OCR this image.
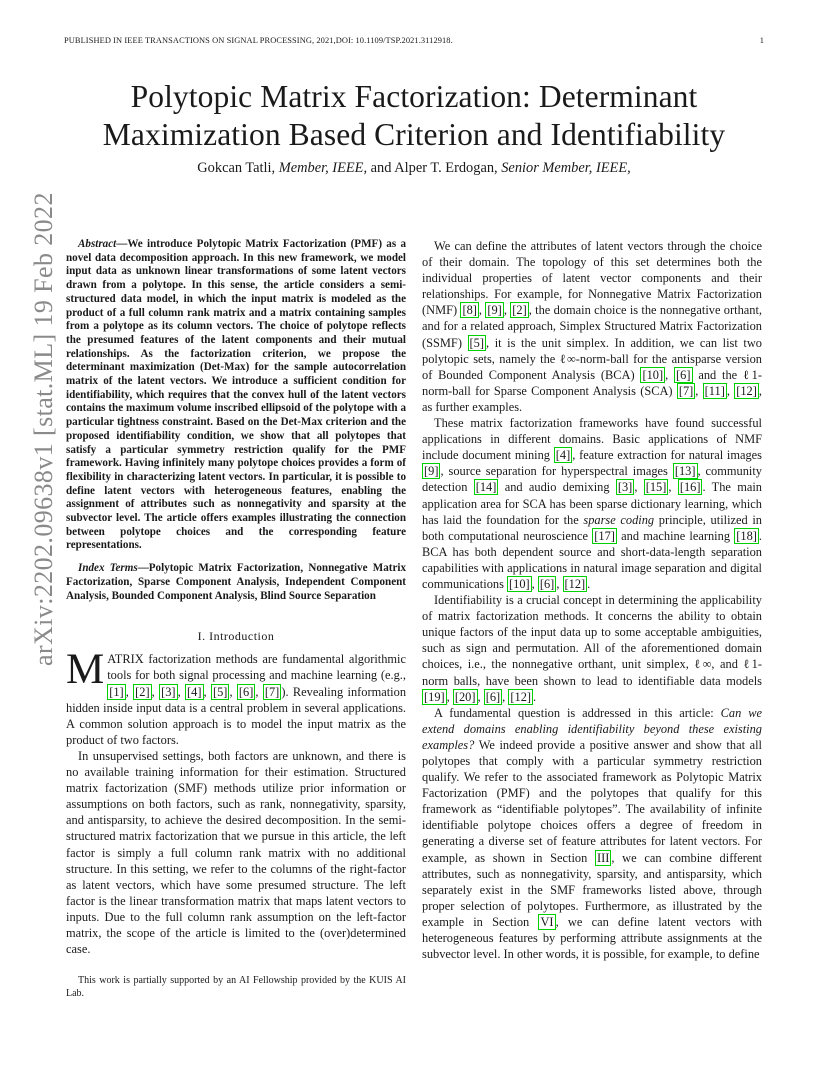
PUBLISHED IN IEEE TRANSACTIONS ON SIGNAL PROCESSING, 2021,DOI: 10.1109/TSP.2021.3112918.	1
Polytopic Matrix Factorization: Determinant
Maximization Based Criterion and Identifiability
Gokcan Tatli, Member, IEEE, and Alper T. Erdogan, Senior Member, IEEE,
arXiv:2202.09638v1 [stat.ML] 19 Feb 2022	Abstract—We introduce Polytopic Matrix Factorization (PMF) as a novel data decomposition approach. In this new framework, we model input data as unknown linear transformations of some latent vectors drawn from a polytope. In this sense, the article considers a semi-structured data model, in which the input matrix is modeled as the product of a full column rank matrix and a matrix containing samples from a polytope as its column vectors. The choice of polytope reflects the presumed features of the latent components and their mutual relationships. As the factorization criterion, we propose the determinant maximization (Det-Max) for the sample autocorrelation matrix of the latent vectors. We introduce a sufficient condition for identifiability, which requires that the convex hull of the latent vectors contains the maximum volume inscribed ellipsoid of the polytope with a particular tightness constraint. Based on the Det-Max criterion and the proposed identifiability condition, we show that all polytopes that satisfy a particular symmetry restriction qualify for the PMF framework. Having infinitely many polytope choices provides a form of flexibility in characterizing latent vectors. In particular, it is possible to define latent vectors with heterogeneous features, enabling the assignment of attributes such as nonnegativity and sparsity at the subvector level. The article offers examples illustrating the connection between polytope choices and the corresponding feature representations.

Index Terms—Polytopic Matrix Factorization, Nonnegative Matrix Factorization, Sparse Component Analysis, Independent Component Analysis, Bounded Component Analysis, Blind Source Separation

I. Introduction

MATRIX factorization methods are fundamental algorithmic tools for both signal processing and machine learning (e.g., [1] , [2] , [3] , [4] , [5] , [6] , [7] ). Revealing information hidden inside input data is a central problem in several applications. A common solution approach is to model the input matrix as the product of two factors.

In unsupervised settings, both factors are unknown, and there is no available training information for their estimation. Structured matrix factorization (SMF) methods utilize prior information or assumptions on both factors, such as rank, nonnegativity, sparsity, and antisparsity, to achieve the desired decomposition. In the semi-structured matrix factorization that we pursue in this article, the left factor is simply a full column rank matrix with no additional structure. In this setting, we refer to the columns of the right-factor as latent vectors, which have some presumed structure. The left factor is the linear transformation matrix that maps latent vectors to inputs. Due to the full column rank assumption on the left-factor matrix, the scope of the article is limited to the (over)determined case.

This work is partially supported by an AI Fellowship provided by the KUIS AI Lab.

We can define the attributes of latent vectors through the choice of their domain. The topology of this set determines both the individual properties of latent vector components and their relationships. For example, for Nonnegative Matrix Factorization (NMF) [8] , [9] , [2] , the domain choice is the nonnegative orthant, and for a related approach, Simplex Structured Matrix Factorization (SSMF) [5] , it is the unit simplex. In addition, we can list two polytopic sets, namely the ℓ∞-norm-ball for the antisparse version of Bounded Component Analysis (BCA) [10] , [6] and the ℓ1-norm-ball for Sparse Component Analysis (SCA) [7] , [11] , [12] , as further examples.

These matrix factorization frameworks have found successful applications in different domains. Basic applications of NMF include document mining [4] , feature extraction for natural images [9] , source separation for hyperspectral images [13] , community detection [14] and audio demixing [3] , [15] , [16] . The main application area for SCA has been sparse dictionary learning, which has laid the foundation for the sparse coding principle, utilized in both computational neuroscience [17] and machine learning [18] . BCA has both dependent source and short-data-length separation capabilities with applications in natural image separation and digital communications [10] , [6] , [12] .

Identifiability is a crucial concept in determining the applicability of matrix factorization methods. It concerns the ability to obtain unique factors of the input data up to some acceptable ambiguities, such as sign and permutation. All of the aforementioned domain choices, i.e., the nonnegative orthant, unit simplex, ℓ∞, and ℓ1-norm balls, have been shown to lead to identifiable data models [19] , [20] , [6] , [12] .

A fundamental question is addressed in this article: Can we extend domains enabling identifiability beyond these existing examples? We indeed provide a positive answer and show that all polytopes that comply with a particular symmetry restriction qualify. We refer to the associated framework as Polytopic Matrix Factorization (PMF) and the polytopes that qualify for this framework as “identifiable polytopes”. The availability of infinite identifiable polytope choices offers a degree of freedom in generating a diverse set of feature attributes for latent vectors. For example, as shown in Section III , we can combine different attributes, such as nonnegativity, sparsity, and antisparsity, which separately exist in the SMF frameworks listed above, through proper selection of polytopes. Furthermore, as illustrated by the example in Section VI , we can define latent vectors with heterogeneous features by performing attribute assignments at the subvector level. In other words, it is possible, for example, to define
